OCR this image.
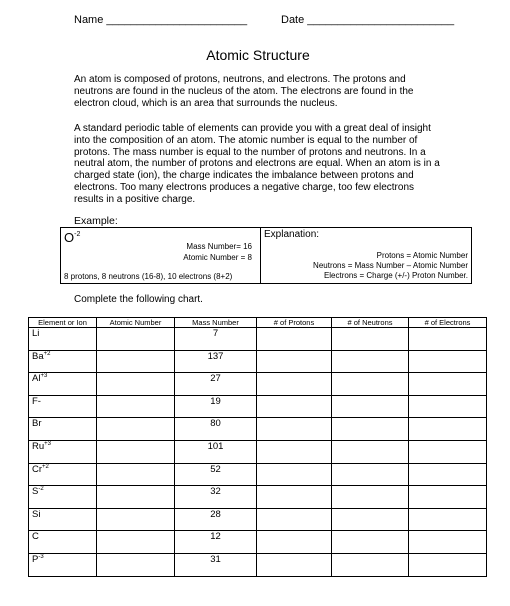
Name _______________________	Date ________________________
Atomic Structure
An atom is composed of protons, neutrons, and electrons. The protons and neutrons are found in the nucleus of the atom. The electrons are found in the electron cloud, which is an area that surrounds the nucleus.
A standard periodic table of elements can provide you with a great deal of insight into the composition of an atom. The atomic number is equal to the number of protons. The mass number is equal to the number of protons and neutrons. In a neutral atom, the number of protons and electrons are equal. When an atom is in a charged state (ion), the charge indicates the imbalance between protons and electrons. Too many electrons produces a negative charge, too few electrons results in a positive charge.
Example:
$O^{-2}$
Mass Number= 16
Atomic Number = 8
8 protons, 8 neutrons (16-8), 10 electrons (8+2)
Explanation:
Protons = Atomic Number
Neutrons = Mass Number – Atomic Number
Electrons = Charge (+/-) Proton Number.
Complete the following chart.
Element or Ion	Atomic Number	Mass Number	# of Protons	# of Neutrons	# of Electrons

Li		7			

$Ba^{+2}$		137			

$Al^{+3}$		27			

F-		19			

Br		80			

$Ru^{+3}$		101			

$Cr^{+2}$		52			

$S^{-2}$		32			

Si		28			

C		12			

$P^{-3}$		31			
